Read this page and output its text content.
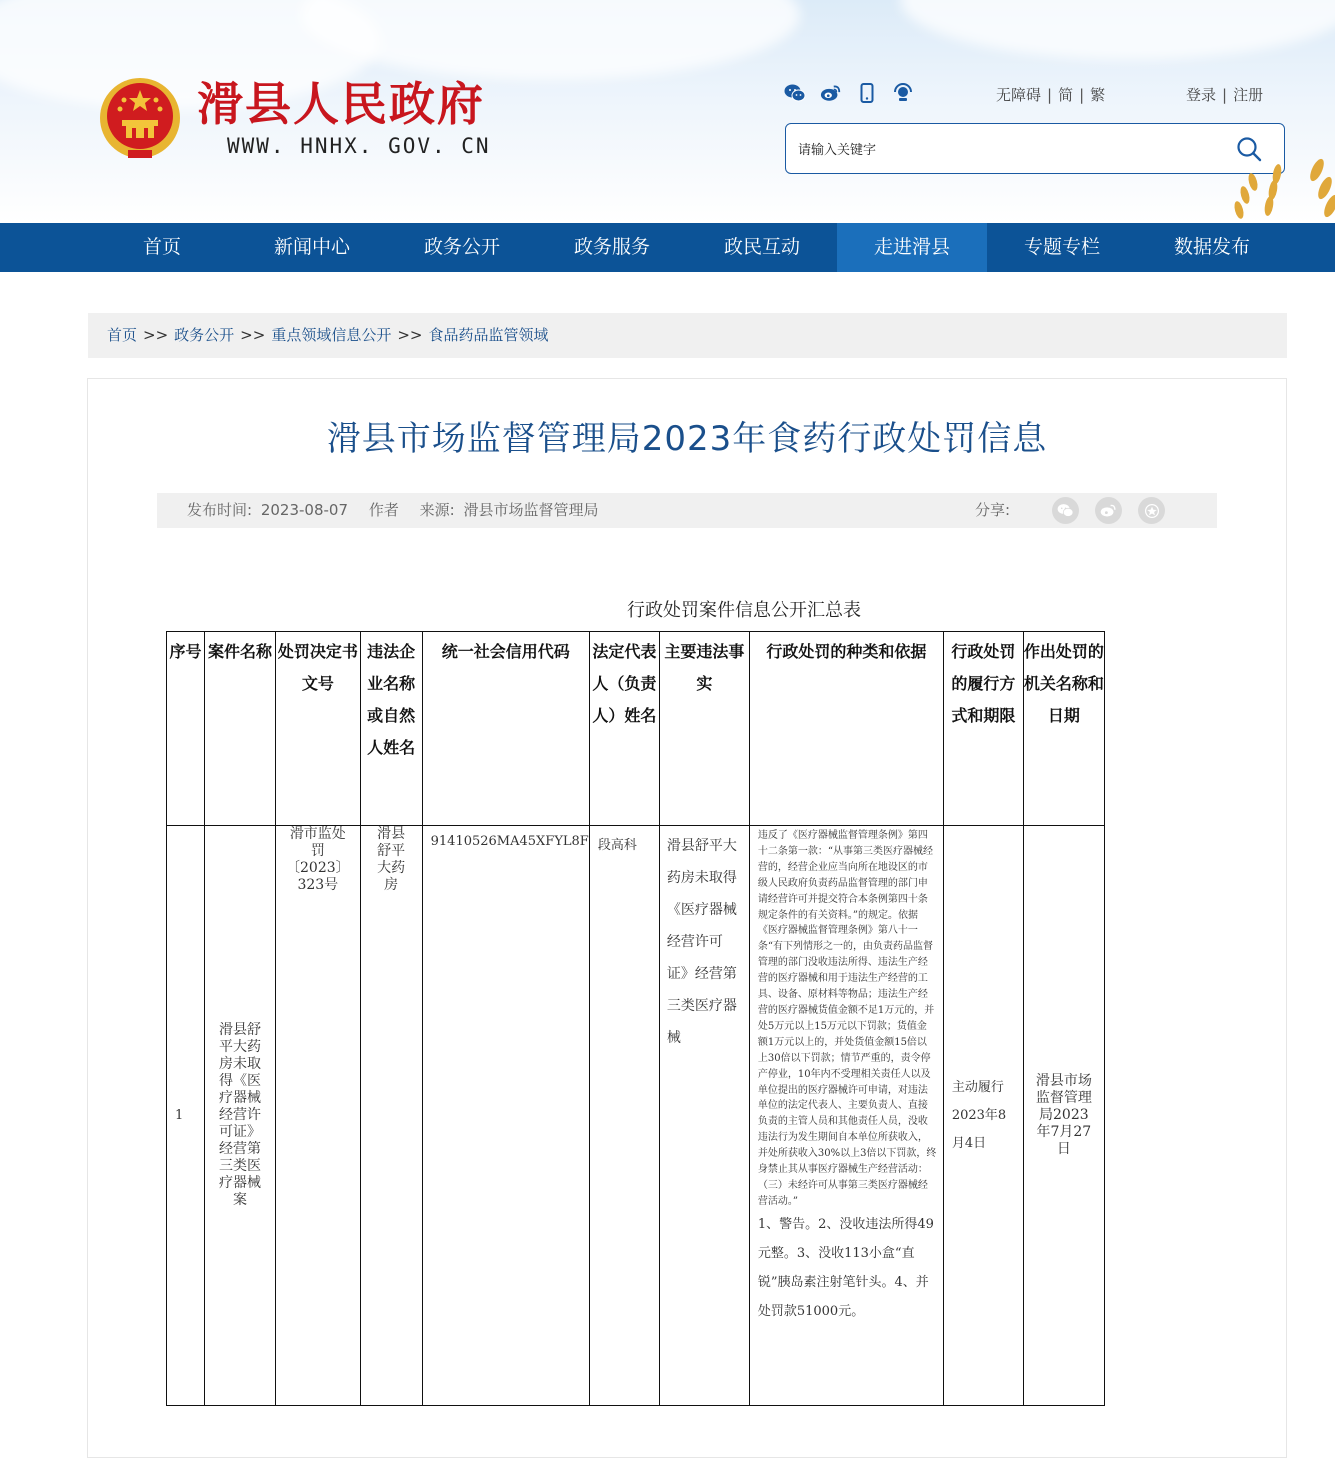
滑县人民政府
WWW. HNHX. GOV. CN
无障碍 | 简 | 繁	登录 | 注册
请输入关键字
首页	新闻中心	政务公开	政务服务	政民互动	走进滑县	专题专栏	数据发布
首页 >> 政务公开 >> 重点领域信息公开 >> 食品药品监管领域
滑县市场监督管理局2023年食药行政处罚信息
发布时间: 2023-08-07 作者 来源: 滑县市场监督管理局	分享:
行政处罚案件信息公开汇总表
序号	案件名称	处罚决定书文号	违法企业名称或自然人姓名	统一社会信用代码	法定代表人（负责人）姓名	主要违法事实	行政处罚的种类和依据	行政处罚的履行方式和期限	作出处罚的机关名称和日期
1	滑县舒平大药房未取得《医疗器械经营许可证》经营第三类医疗器械案	滑市监处罚〔2023〕323号	滑县舒平大药房	91410526MA45XFYL8F	段高科	滑县舒平大药房未取得《医疗器械经营许可证》经营第三类医疗器械	违反了《医疗器械监督管理条例》第四十二条第一款：“从事第三类医疗器械经营的，经营企业应当向所在地设区的市级人民政府负责药品监督管理的部门申请经营许可并提交符合本条例第四十条规定条件的有关资料。”的规定。依据《医疗器械监督管理条例》第八十一条“有下列情形之一的，由负责药品监督管理的部门没收违法所得、违法生产经营的医疗器械和用于违法生产经营的工具、设备、原材料等物品；违法生产经营的医疗器械货值金额不足1万元的，并处5万元以上15万元以下罚款；货值金额1万元以上的，并处货值金额15倍以上30倍以下罚款；情节严重的，责令停产停业，10年内不受理相关责任人以及单位提出的医疗器械许可申请，对违法单位的法定代表人、主要负责人、直接负责的主管人员和其他责任人员，没收违法行为发生期间自本单位所获收入，并处所获收入30%以上3倍以下罚款，终身禁止其从事医疗器械生产经营活动：（三）未经许可从事第三类医疗器械经营活动。”
1、警告。2、没收违法所得49元整。3、没收113小盒“直锐”胰岛素注射笔针头。4、并处罚款51000元。	主动履行2023年8月4日	滑县市场监督管理局2023年7月27日
